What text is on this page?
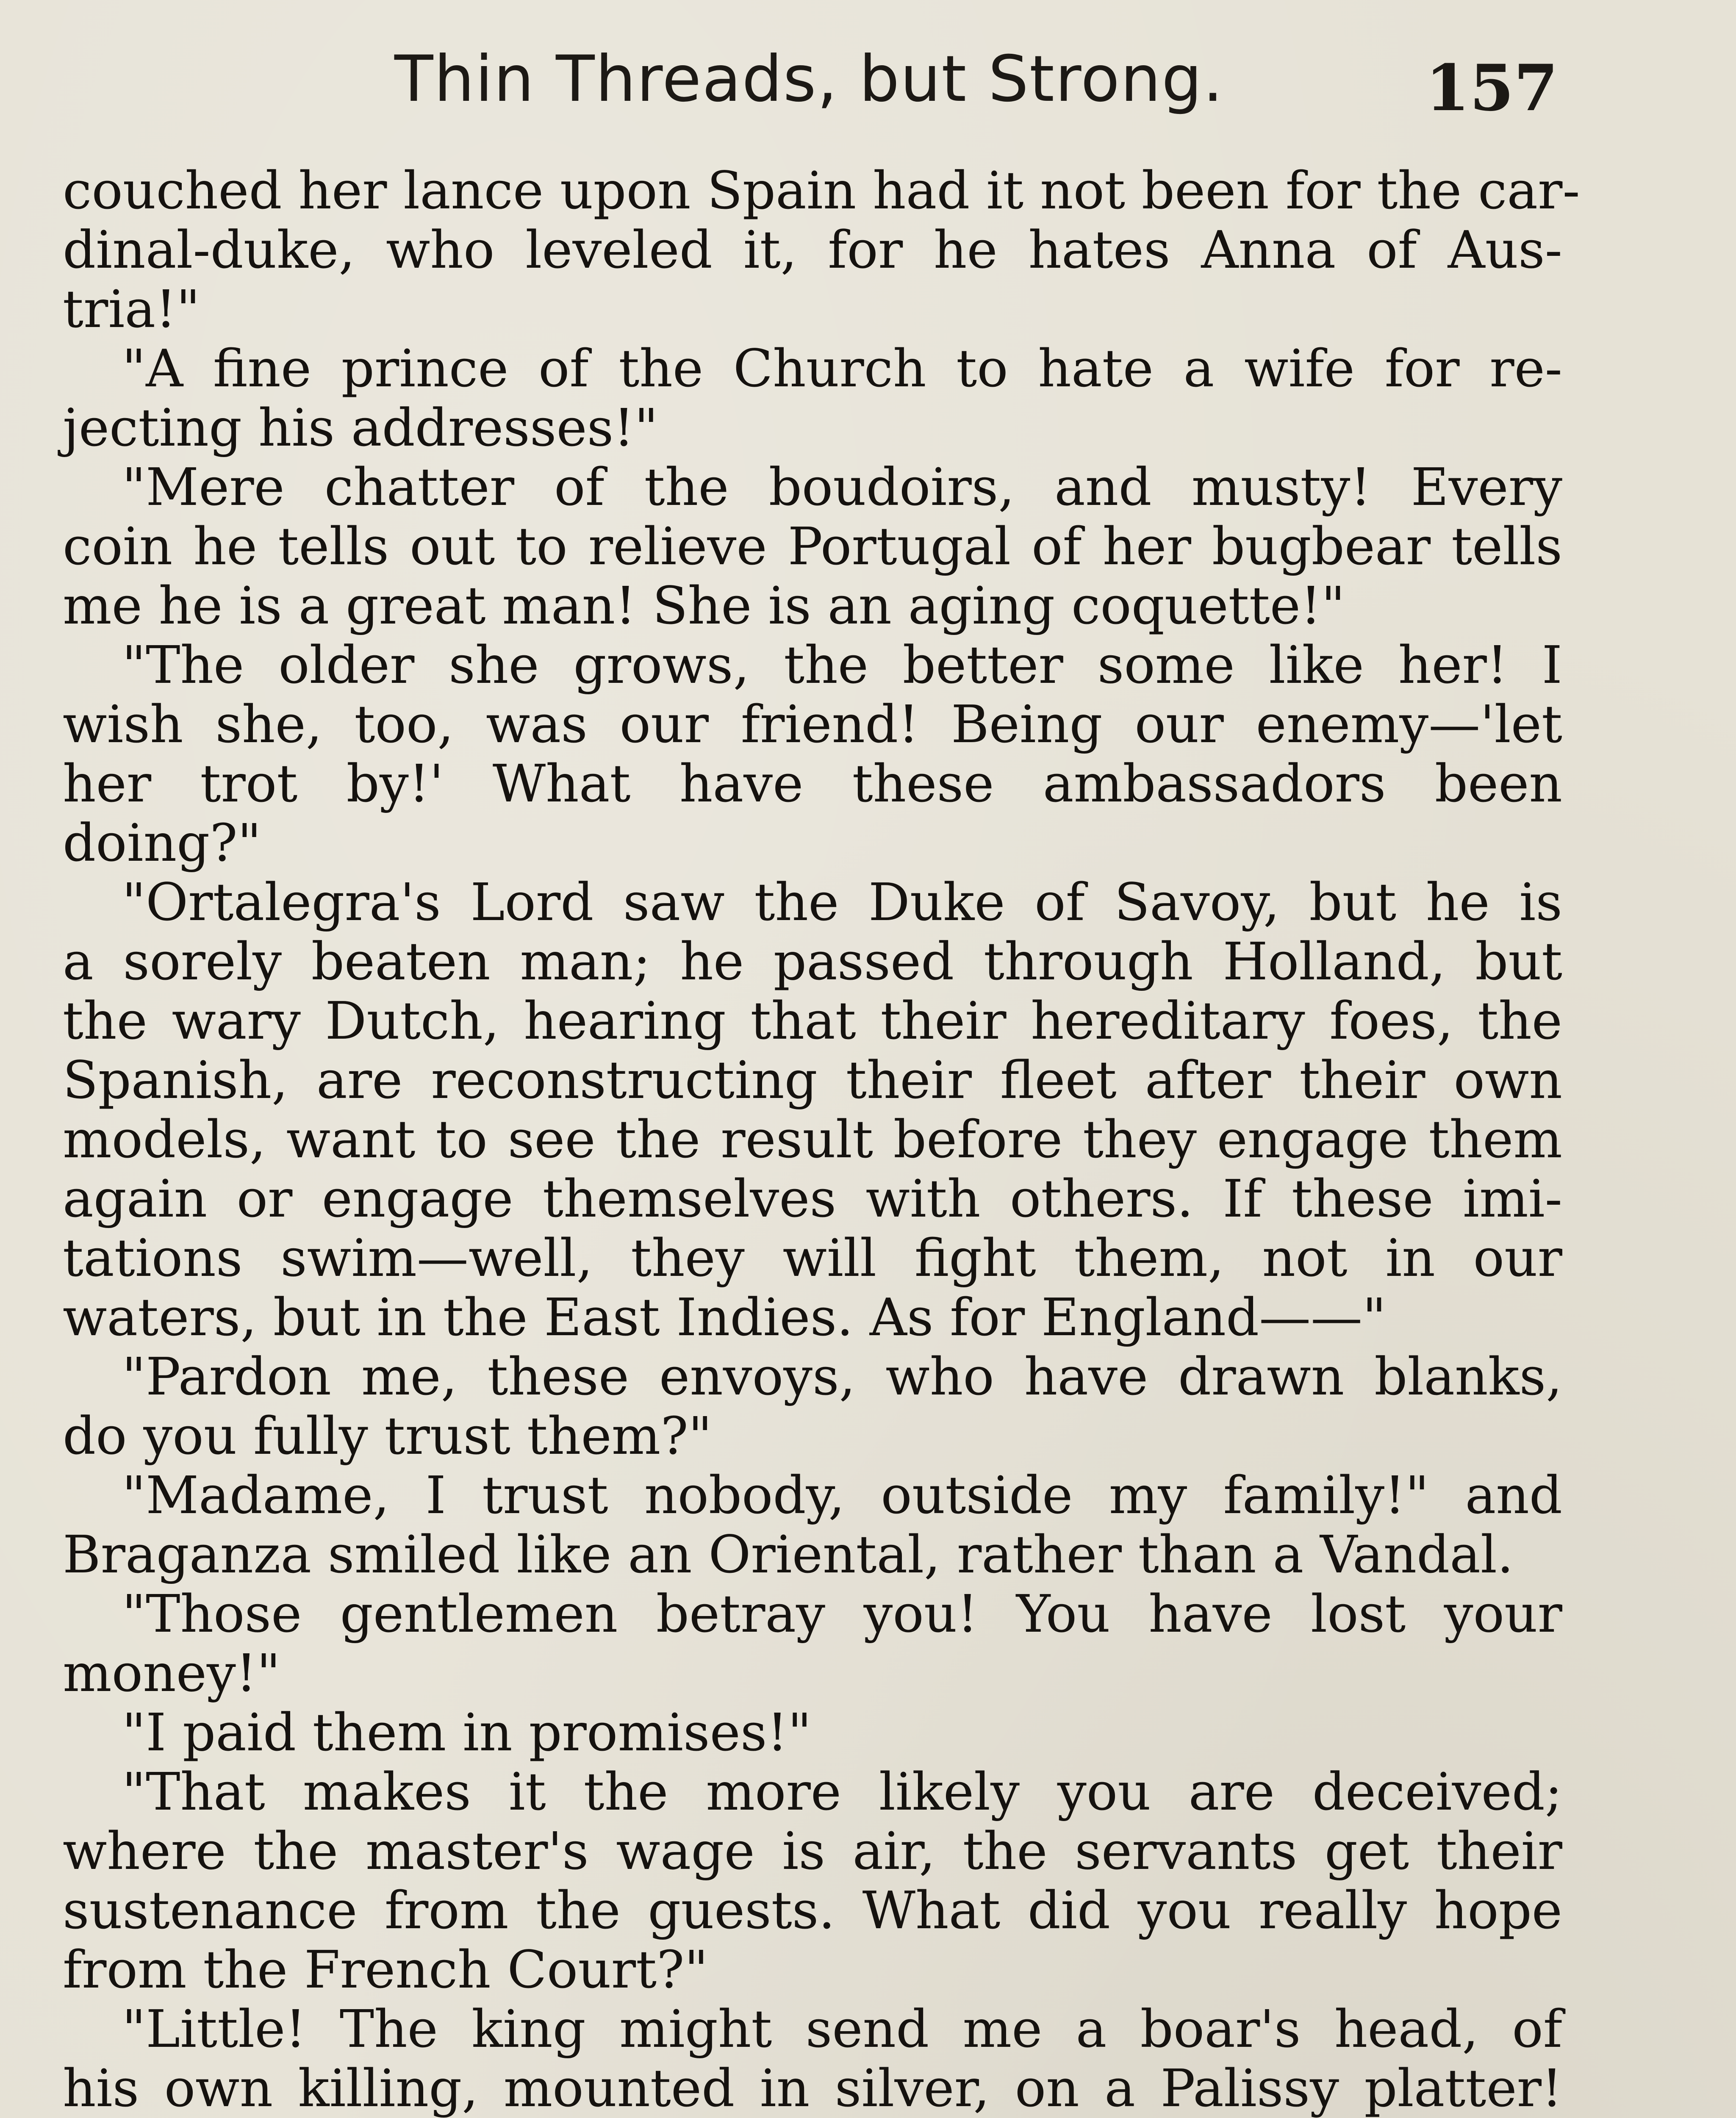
Thin Threads, but Strong.	157
couched her lance upon Spain had it not been for the car-
dinal-duke, who leveled it, for he hates Anna of Aus-
tria!"
"A fine prince of the Church to hate a wife for re-
jecting his addresses!"
"Mere chatter of the boudoirs, and musty! Every
coin he tells out to relieve Portugal of her bugbear tells
me he is a great man! She is an aging coquette!"
"The older she grows, the better some like her! I
wish she, too, was our friend! Being our enemy—'let
her trot by!' What have these ambassadors been
doing?"
"Ortalegra's Lord saw the Duke of Savoy, but he is
a sorely beaten man; he passed through Holland, but
the wary Dutch, hearing that their hereditary foes, the
Spanish, are reconstructing their fleet after their own
models, want to see the result before they engage them
again or engage themselves with others. If these imi-
tations swim—well, they will fight them, not in our
waters, but in the East Indies. As for England——"
"Pardon me, these envoys, who have drawn blanks,
do you fully trust them?"
"Madame, I trust nobody, outside my family!" and
Braganza smiled like an Oriental, rather than a Vandal.
"Those gentlemen betray you! You have lost your
money!"
"I paid them in promises!"
"That makes it the more likely you are deceived;
where the master's wage is air, the servants get their
sustenance from the guests. What did you really hope
from the French Court?"
"Little! The king might send me a boar's head, of
his own killing, mounted in silver, on a Palissy platter!
